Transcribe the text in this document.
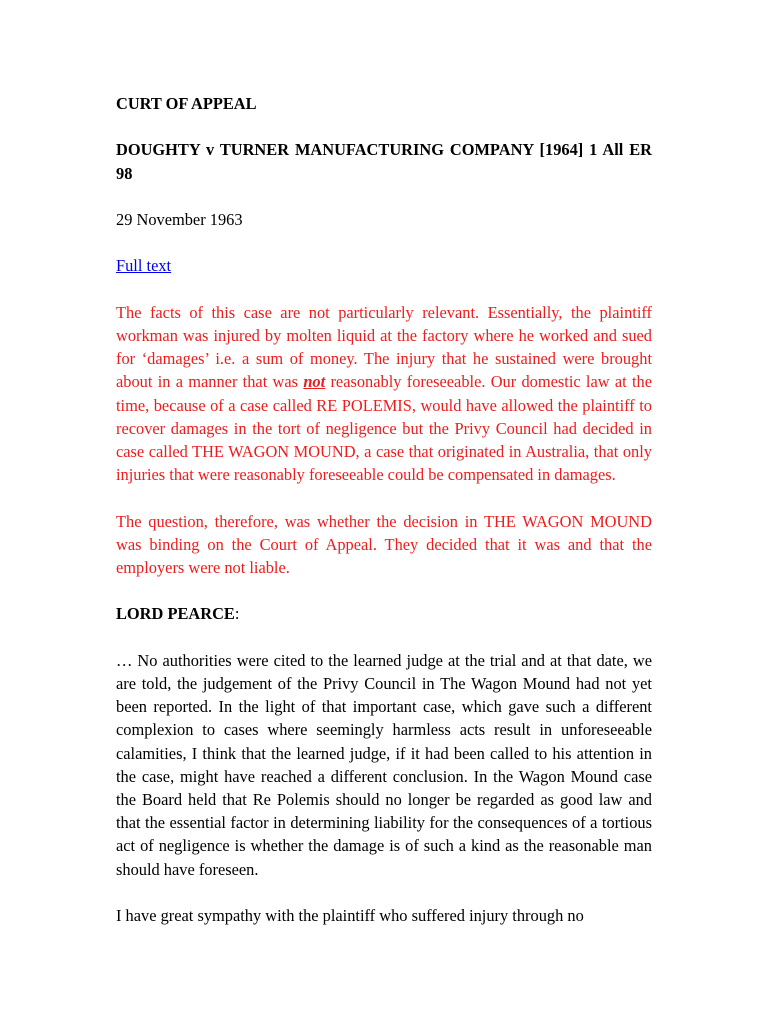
CURT OF APPEAL

DOUGHTY v TURNER MANUFACTURING COMPANY [1964] 1 All ER 98

29 November 1963

Full text

The facts of this case are not particularly relevant. Essentially, the plaintiff workman was injured by molten liquid at the factory where he worked and sued for ‘damages’ i.e. a sum of money. The injury that he sustained were brought about in a manner that was not reasonably foreseeable. Our domestic law at the time, because of a case called RE POLEMIS, would have allowed the plaintiff to recover damages in the tort of negligence but the Privy Council had decided in case called THE WAGON MOUND, a case that originated in Australia, that only injuries that were reasonably foreseeable could be compensated in damages.

The question, therefore, was whether the decision in THE WAGON MOUND was binding on the Court of Appeal. They decided that it was and that the employers were not liable.

LORD PEARCE:

… No authorities were cited to the learned judge at the trial and at that date, we are told, the judgement of the Privy Council in The Wagon Mound had not yet been reported. In the light of that important case, which gave such a different complexion to cases where seemingly harmless acts result in unforeseeable calamities, I think that the learned judge, if it had been called to his attention in the case, might have reached a different conclusion. In the Wagon Mound case the Board held that Re Polemis should no longer be regarded as good law and that the essential factor in determining liability for the consequences of a tortious act of negligence is whether the damage is of such a kind as the reasonable man should have foreseen.

I have great sympathy with the plaintiff who suffered injury through no
